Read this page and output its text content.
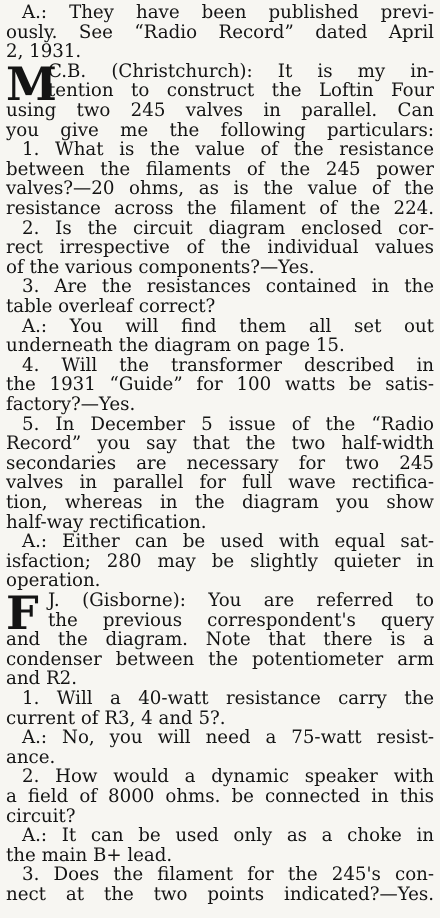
A.: They have been published previ-
ously. See “Radio Record” dated April
2, 1931.
M
C.B. (Christchurch): It is my in-
tention to construct the Loftin Four
using two 245 valves in parallel. Can
you give me the following particulars:
1. What is the value of the resistance
between the filaments of the 245 power
valves?—20 ohms, as is the value of the
resistance across the filament of the 224.
2. Is the circuit diagram enclosed cor-
rect irrespective of the individual values
of the various components?—Yes.
3. Are the resistances contained in the
table overleaf correct?
A.: You will find them all set out
underneath the diagram on page 15.
4. Will the transformer described in
the 1931 “Guide” for 100 watts be satis-
factory?—Yes.
5. In December 5 issue of the “Radio
Record” you say that the two half-width
secondaries are necessary for two 245
valves in parallel for full wave rectifica-
tion, whereas in the diagram you show
half-way rectification.
A.: Either can be used with equal sat-
isfaction; 280 may be slightly quieter in
operation.
F J. (Gisborne): You are referred to
the previous correspondent's query
and the diagram. Note that there is a
condenser between the potentiometer arm
and R2.
1. Will a 40-watt resistance carry the
current of R3, 4 and 5?.
A.: No, you will need a 75-watt resist-
ance.
2. How would a dynamic speaker with
a field of 8000 ohms. be connected in this
circuit?
A.: It can be used only as a choke in
the main B+ lead.
3. Does the filament for the 245's con-
nect at the two points indicated?—Yes.
